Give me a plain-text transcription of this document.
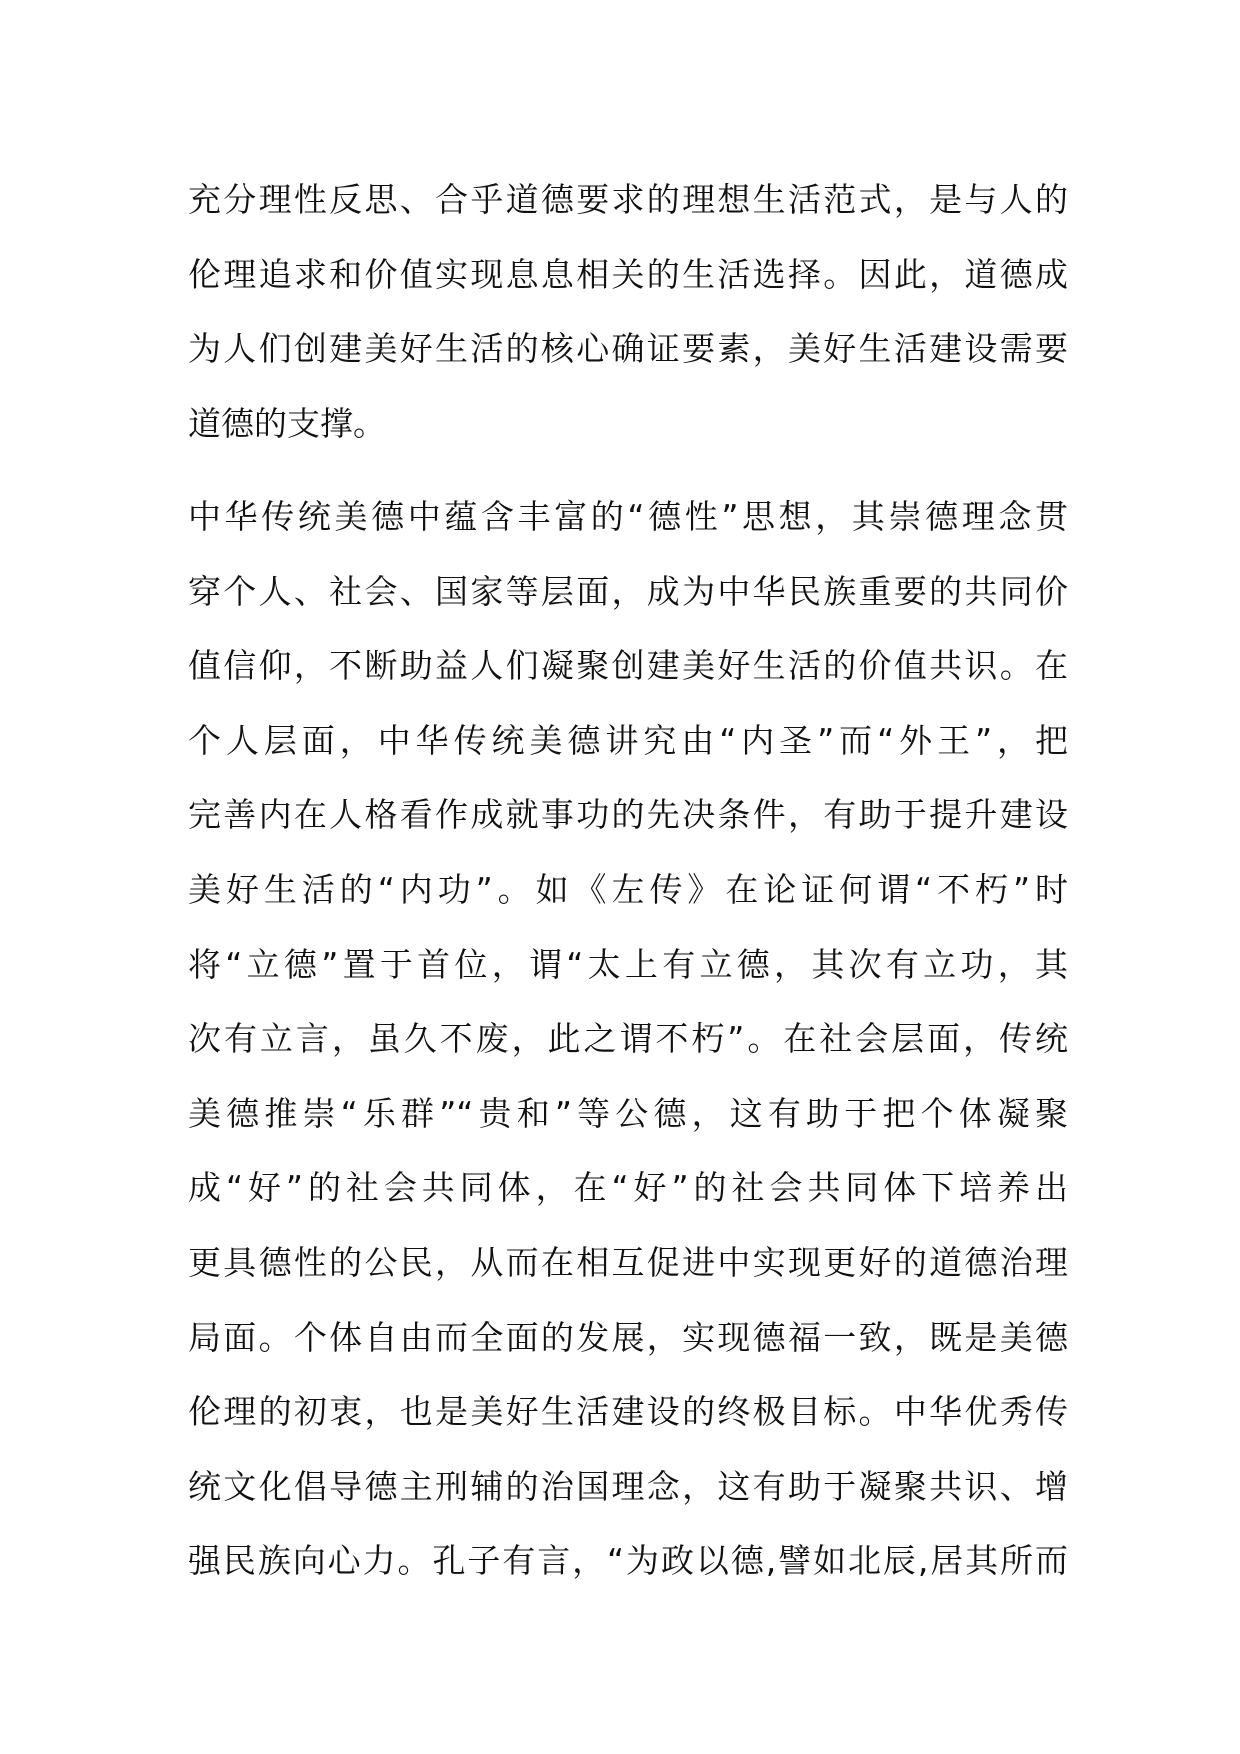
充分理性反思、合乎道德要求的理想生活范式，是与人的
伦理追求和价值实现息息相关的生活选择。因此，道德成
为人们创建美好生活的核心确证要素，美好生活建设需要
道德的支撑。
中华传统美德中蕴含丰富的“德性”思想，其崇德理念贯
穿个人、社会、国家等层面，成为中华民族重要的共同价
值信仰，不断助益人们凝聚创建美好生活的价值共识。在
个人层面，中华传统美德讲究由“内圣”而“外王”，把
完善内在人格看作成就事功的先决条件，有助于提升建设
美好生活的“内功”。如《左传》在论证何谓“不朽”时
将“立德”置于首位，谓“太上有立德，其次有立功，其
次有立言，虽久不废，此之谓不朽”。在社会层面，传统
美德推崇“乐群”“贵和”等公德，这有助于把个体凝聚
成“好”的社会共同体，在“好”的社会共同体下培养出
更具德性的公民，从而在相互促进中实现更好的道德治理
局面。个体自由而全面的发展，实现德福一致，既是美德
伦理的初衷，也是美好生活建设的终极目标。中华优秀传
统文化倡导德主刑辅的治国理念，这有助于凝聚共识、增
强民族向心力。孔子有言，“为政以德,譬如北辰,居其所而
